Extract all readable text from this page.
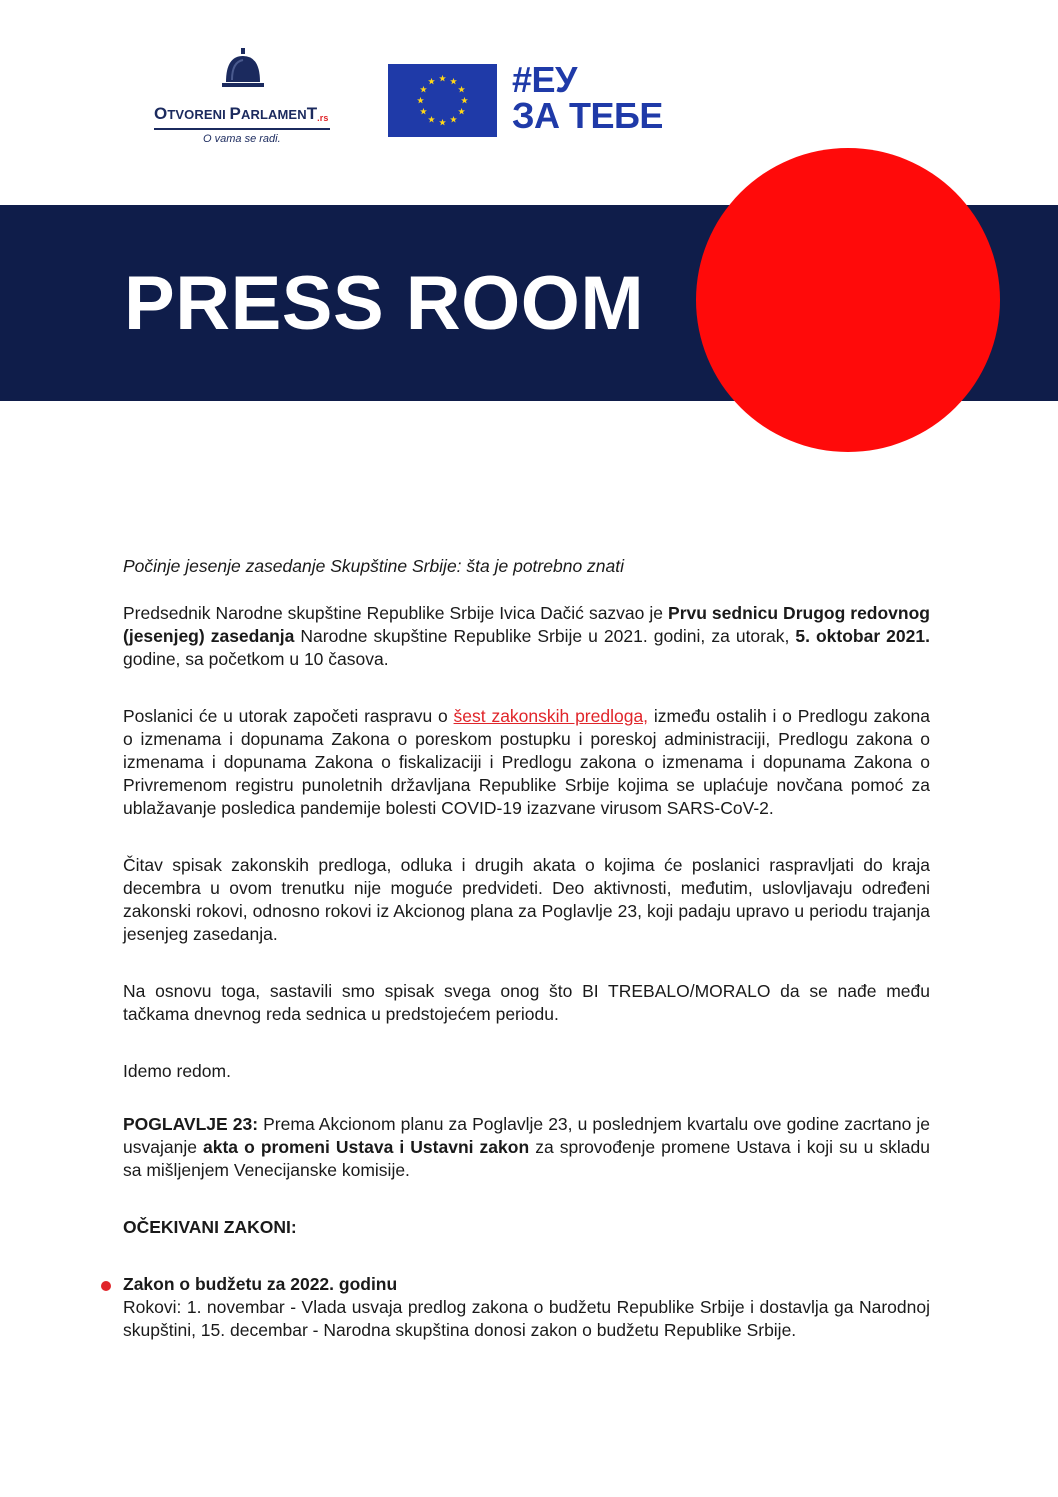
OTVORENI PARLAMENT.rs
O vama se radi.
#ЕУ
ЗА ТЕБЕ
PRESS ROOM

Počinje jesenje zasedanje Skupštine Srbije: šta je potrebno znati

Predsednik Narodne skupštine Republike Srbije Ivica Dačić sazvao je Prvu sednicu Drugog redovnog (jesenjeg) zasedanja Narodne skupštine Republike Srbije u 2021. godini, za utorak, 5. oktobar 2021. godine, sa početkom u 10 časova.

Poslanici će u utorak započeti raspravu o šest zakonskih predloga, između ostalih i o Predlogu zakona o izmenama i dopunama Zakona o poreskom postupku i poreskoj administraciji, Predlogu zakona o izmenama i dopunama Zakona o fiskalizaciji i Predlogu zakona o izmenama i dopunama Zakona o Privremenom registru punoletnih državljana Republike Srbije kojima se uplaćuje novčana pomoć za ublažavanje posledica pandemije bolesti COVID-19 izazvane virusom SARS-CoV-2.

Čitav spisak zakonskih predloga, odluka i drugih akata o kojima će poslanici raspravljati do kraja decembra u ovom trenutku nije moguće predvideti. Deo aktivnosti, međutim, uslovljavaju određeni zakonski rokovi, odnosno rokovi iz Akcionog plana za Poglavlje 23, koji padaju upravo u periodu trajanja jesenjeg zasedanja.

Na osnovu toga, sastavili smo spisak svega onog što BI TREBALO/MORALO da se nađe među tačkama dnevnog reda sednica u predstojećem periodu.

Idemo redom.

POGLAVLJE 23: Prema Akcionom planu za Poglavlje 23, u poslednjem kvartalu ove godine zacrtano je usvajanje akta o promeni Ustava i Ustavni zakon za sprovođenje promene Ustava i koji su u skladu sa mišljenjem Venecijanske komisije.

OČEKIVANI ZAKONI:

Zakon o budžetu za 2022. godinu

Rokovi: 1. novembar - Vlada usvaja predlog zakona o budžetu Republike Srbije i dostavlja ga Narodnoj skupštini, 15. decembar - Narodna skupština donosi zakon o budžetu Republike Srbije.
